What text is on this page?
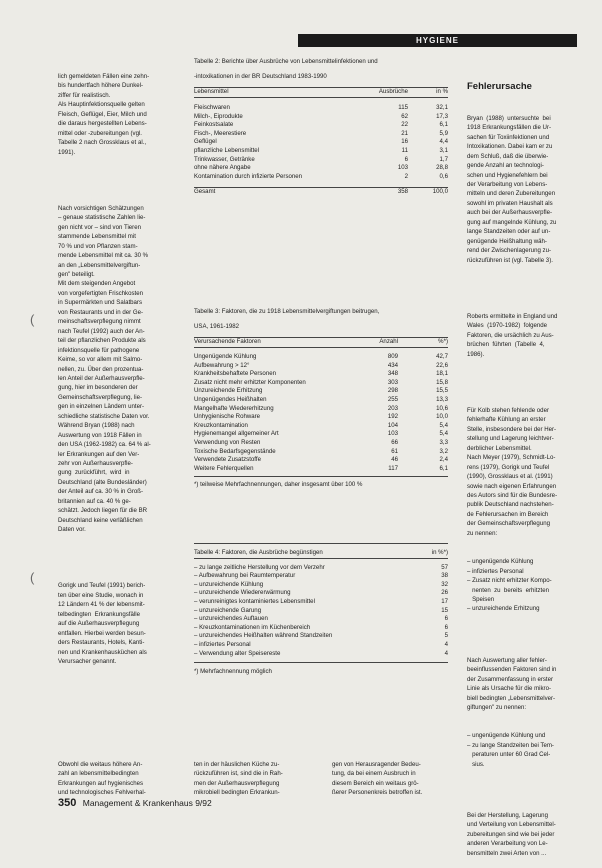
HYGIENE
(
(

lich gemeldeten Fällen eine zehn-

bis hundertfach höhere Dunkel-

ziffer für realistisch.

Als Hauptinfektionsquelle gelten

Fleisch, Geflügel, Eier, Milch und

die daraus hergestellten Lebens-

mittel oder -zubereitungen (vgl.

Tabelle 2 nach Grossklaus et al.,

1991).

Nach vorsichtigen Schätzungen

– genaue statistische Zahlen lie-

gen nicht vor – sind von Tieren

stammende Lebensmittel mit

70 % und von Pflanzen stam-

mende Lebensmittel mit ca. 30 %

an den „Lebensmittelvergiftun-

gen" beteiligt.

Mit dem steigenden Angebot

von vorgefertigten Frischkosten

in Supermärkten und Salatbars

von Restaurants und in der Ge-

meinschaftsverpflegung nimmt

nach Teufel (1992) auch der An-

teil der pflanzlichen Produkte als

infektionsquelle für pathogene

Keime, so vor allem mit Salmo-

nellen, zu. Über den prozentua-

len Anteil der Außerhausverpfle-

gung, hier im besonderen der

Gemeinschaftsverpflegung, lie-

gen in einzelnen Ländern unter-

schiedliche statistische Daten vor.

Während Bryan (1988) nach

Auswertung von 1918 Fällen in

den USA (1962-1982) ca. 64 % al-

ler Erkrankungen auf den Ver-

zehr von Außerhausverpfle-

gung  zurückführt,  wird  in

Deutschland (alte Bundesländer)

der Anteil auf ca. 30 % in Groß-

britannien auf ca. 40 % ge-

schätzt. Jedoch liegen für die BR

Deutschland keine verläßlichen

Daten vor.

Gorigk und Teufel (1991) berich-

ten über eine Studie, wonach in

12 Ländern 41 % der lebensmit-

telbedingten  Erkrankungsfälle

auf die Außerhausverpflegung

entfallen. Hierbei werden besun-

ders Restaurants, Hotels, Kanti-

nen und Krankenhausküchen als

Verursacher genannt.

Obwohl die weitaus höhere An-

zahl an lebensmittelbedingten

Erkrankungen auf hygienisches

und technologisches Fehlverhal-

Tabelle 2: Berichte über Ausbrüche von Lebensmittelinfektionen und

-intoxikationen in der BR Deutschland 1983-1990

Lebensmittel	Ausbrüche	in %
Fleischwaren	115	32,1
Milch-, Eiprodukte	62	17,3
Feinkostsalate	22	6,1
Fisch-, Meerestiere	21	5,9
Geflügel	16	4,4
pflanzliche Lebensmittel	11	3,1
Trinkwasser, Getränke	6	1,7
ohne nähere Angabe	103	28,8
Kontamination durch infizierte Personen	2	0,6
Gesamt	358	100,0

Tabelle 3: Faktoren, die zu 1918 Lebensmittelvergiftungen beitrugen,

USA, 1961-1982

Verursachende Faktoren	Anzahl	%*)
Ungenügende Kühlung	809	42,7
Aufbewahrung > 12°	434	22,6
Krankheitsbehaftete Personen	348	18,1
Zusatz nicht mehr erhitzter Komponenten	303	15,8
Unzureichende Erhitzung	298	15,5
Ungenügendes Heißhalten	255	13,3
Mangelhafte Wiedererhitzung	203	10,6
Unhygienische Rohware	192	10,0
Kreuzkontamination	104	5,4
Hygienemangel allgemeiner Art	103	5,4
Verwendung von Resten	66	3,3
Toxische Bedarfsgegenstände	61	3,2
Verwendete Zusatzstoffe	46	2,4
Weitere Fehlerquellen	117	6,1
*) teilweise Mehrfachnennungen, daher insgesamt über 100 %
Tabelle 4: Faktoren, die Ausbrüche begünstigen	in %*)
– zu lange zeitliche Herstellung vor dem Verzehr	57
– Aufbewahrung bei Raumtemperatur	38
– unzureichende Kühlung	32
– unzureichende Wiedererwärmung	26
– verunreinigtes kontaminiertes Lebensmittel	17
– unzureichende Garung	15
– unzureichendes Auftauen	6
– Kreuzkontaminationen im Küchenbereich	6
– unzureichendes Heißhalten während Standzeiten	5
– infiziertes Personal	4
– Verwendung alter Speisereste	4
*) Mehrfachnennung möglich

ten in der häuslichen Küche zu-

rückzuführen ist, sind die in Rah-

men der Außerhausverpflegung

mikrobiell bedingten Erkrankun-

gen von Herausragender Bedeu-

tung, da bei einem Ausbruch in

diesem Bereich ein weitaus grö-

ßerer Personenkreis betroffen ist.

Fehlerursache

Bryan  (1988)  untersuchte  bei

1918 Erkrankungsfällen die Ur-

sachen für Toxiinfektionen und

Intoxikationen. Dabei kam er zu

dem Schluß, daß die überwie-

gende Anzahl an technologi-

schen und Hygienefehlern bei

der Verarbeitung von Lebens-

mitteln und deren Zubereitungen

sowohl im privaten Haushalt als

auch bei der Außerhausverpfle-

gung auf mangelnde Kühlung, zu

lange Standzeiten oder auf un-

genügende Heißhaltung wäh-

rend der Zwischenlagerung zu-

rückzuführen ist (vgl. Tabelle 3).

Roberts ermittelte in England und

Wales  (1970-1982)  folgende

Faktoren, die ursächlich zu Aus-

brüchen  führten  (Tabelle  4,

1986).

Für Kolb stehen fehlende oder

fehlerhafte Kühlung an erster

Stelle, insbesondere bei der Her-

stellung und Lagerung leichtver-

derblicher Lebensmittel.

Nach Meyer (1979), Schmidt-Lo-

rens (1979), Gorigk und Teufel

(1990), Grossklaus et al. (1991)

sowie nach eigenen Erfahrungen

des Autors sind für die Bundesre-

publik Deutschland nachstehen-

de Fehlerursachen im Bereich

der Gemeinschaftsverpflegung

zu nennen:

– ungenügende Kühlung

– infiziertes Personal

– Zusatz nicht erhitzter Kompo-

nenten  zu  bereits  erhitzten

Speisen

– unzureichende Erhitzung

Nach Auswertung aller fehler-

beeinflussenden Faktoren sind in

der Zusammenfassung in erster

Linie als Ursache für die mikro-

biell bedingten „Lebensmittelver-

giftungen" zu nennen:

– ungenügende Kühlung und

– zu lange Standzeiten bei Tem-

peraturen unter 60 Grad Cel-

sius.

Bei der Herstellung, Lagerung

und Verteilung von Lebensmittel-

zubereitungen sind wie bei jeder

anderen Verarbeitung von Le-

bensmitteln zwei Arten von ...

350 Management & Krankenhaus 9/92
